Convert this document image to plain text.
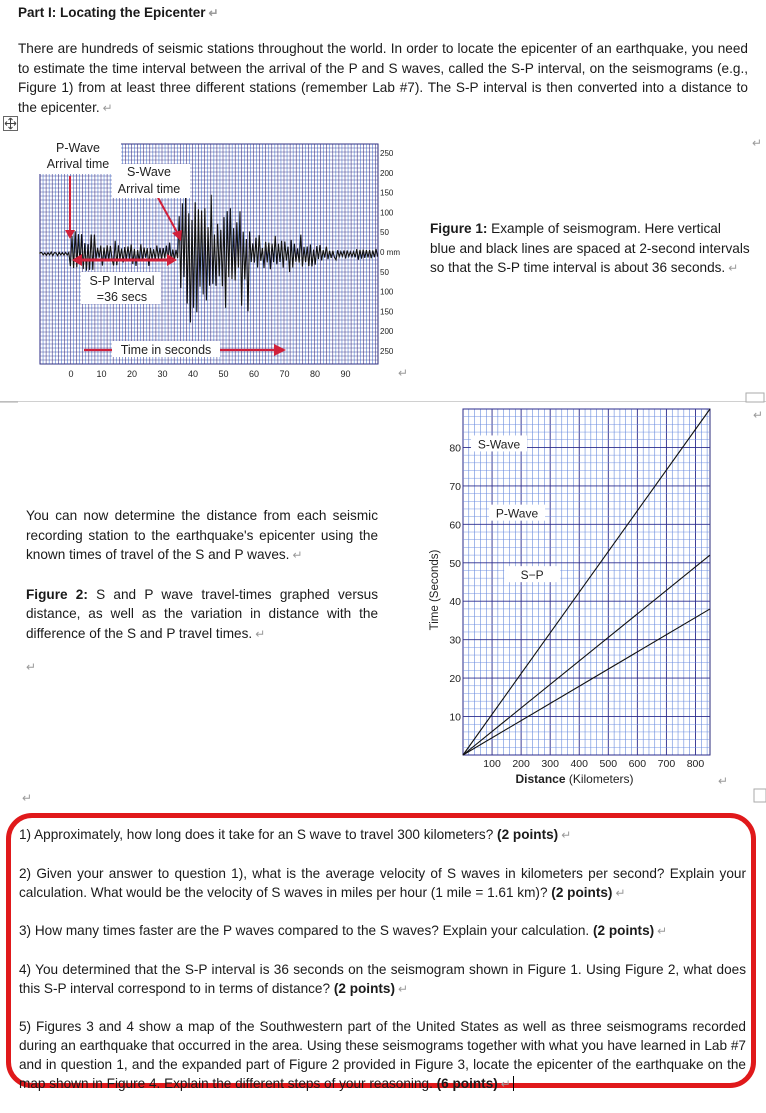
Part I: Locating the Epicenter ↵
There are hundreds of seismic stations throughout the world. In order to locate the epicenter of an earthquake, you need to estimate the time interval between the arrival of the P and S waves, called the S-P interval, on the seismograms (e.g., Figure 1) from at least three different stations (remember Lab #7). The S-P interval is then converted into a distance to the epicenter. ↵
P-Wave
Arrival time
S-Wave
Arrival time
S-P Interval
=36 secs
Time in seconds
0	10 20 30 40 50 60 70 80 90
250
200
150
100
50
0 mm
50
100
150
200
250
↵
↵
Figure 1: Example of seismogram. Here vertical blue and black lines are spaced at 2-second intervals so that the S-P time interval is about 36 seconds. ↵
↵

You can now determine the distance from each seismic recording station to the earthquake's epicenter using the known times of travel of the S and P waves. ↵

Figure 2: S and P wave travel-times graphed versus distance, as well as the variation in distance with the difference of the S and P travel times. ↵

↵
S-Wave
P-Wave
S−P
100 200 300 400 500 600 700 800
10
20
30
40
50
60
70
80
Time (Seconds)
Distance (Kilometers)	↵
↵

1) Approximately, how long does it take for an S wave to travel 300 kilometers? (2 points) ↵

2) Given your answer to question 1), what is the average velocity of S waves in kilometers per second? Explain your calculation. What would be the velocity of S waves in miles per hour (1 mile = 1.61 km)? (2 points) ↵

3) How many times faster are the P waves compared to the S waves? Explain your calculation. (2 points) ↵

4) You determined that the S-P interval is 36 seconds on the seismogram shown in Figure 1. Using Figure 2, what does this S-P interval correspond to in terms of distance? (2 points) ↵

5) Figures 3 and 4 show a map of the Southwestern part of the United States as well as three seismograms recorded during an earthquake that occurred in the area. Using these seismograms together with what you have learned in Lab #7 and in question 1, and the expanded part of Figure 2 provided in Figure 3, locate the epicenter of the earthquake on the map shown in Figure 4. Explain the different steps of your reasoning. (6 points) ↵
